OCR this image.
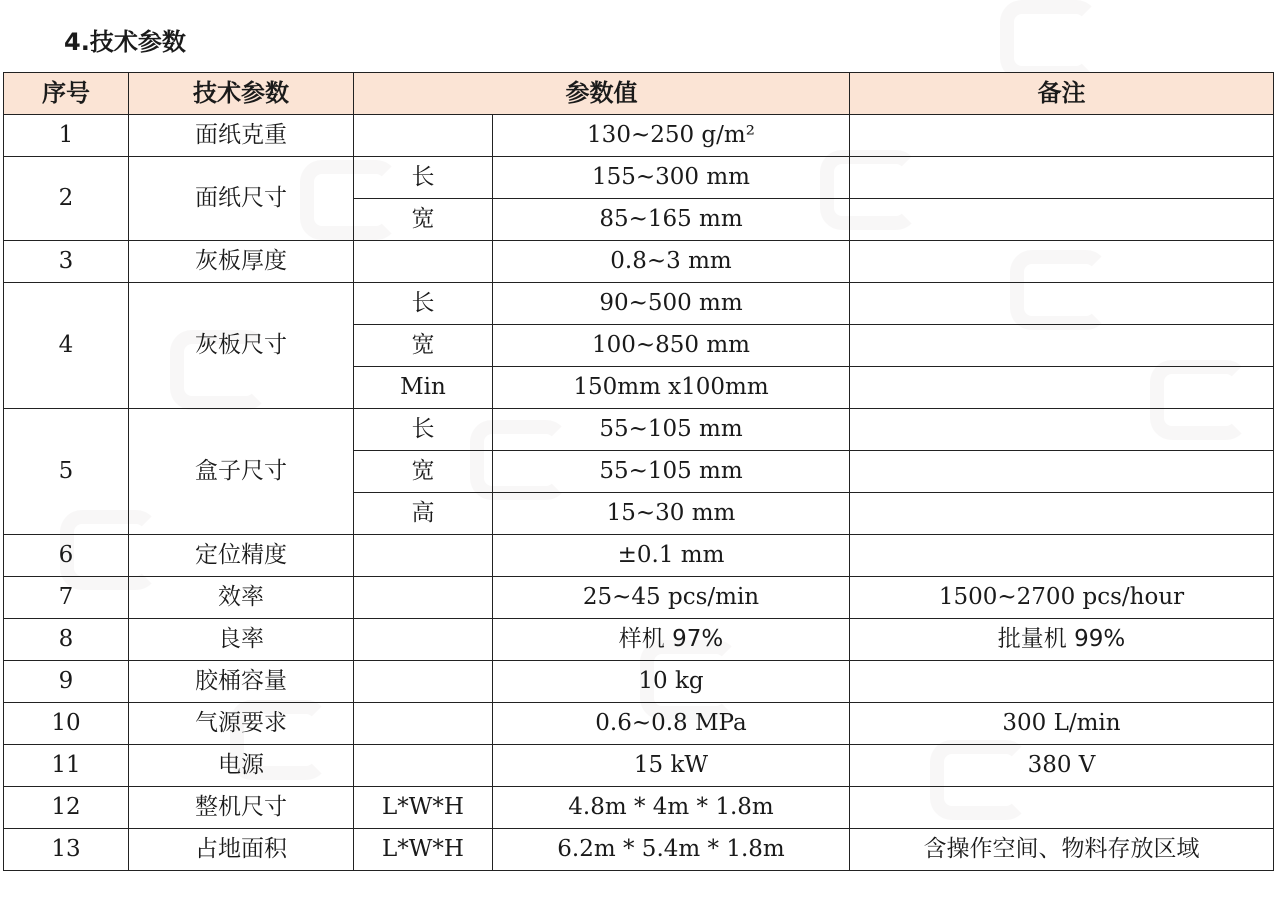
4.技术参数
序号	技术参数	参数值		备注
1	面纸克重		130~250 g/m²	
2	面纸尺寸	长	155~300 mm	
		宽	85~165 mm	
3	灰板厚度		0.8~3 mm	
4	灰板尺寸	长	90~500 mm	
		宽	100~850 mm	
		Min	150mm x100mm	
5	盒子尺寸	长	55~105 mm	
		宽	55~105 mm	
		高	15~30 mm	
6	定位精度		±0.1 mm	
7	效率		25~45 pcs/min	1500~2700 pcs/hour
8	良率		样机 97%	批量机 99%
9	胶桶容量		10 kg	
10	气源要求		0.6~0.8 MPa	300 L/min
11	电源		15 kW	380 V
12	整机尺寸	L*W*H	4.8m * 4m * 1.8m	
13	占地面积	L*W*H	6.2m * 5.4m * 1.8m	含操作空间、物料存放区域
